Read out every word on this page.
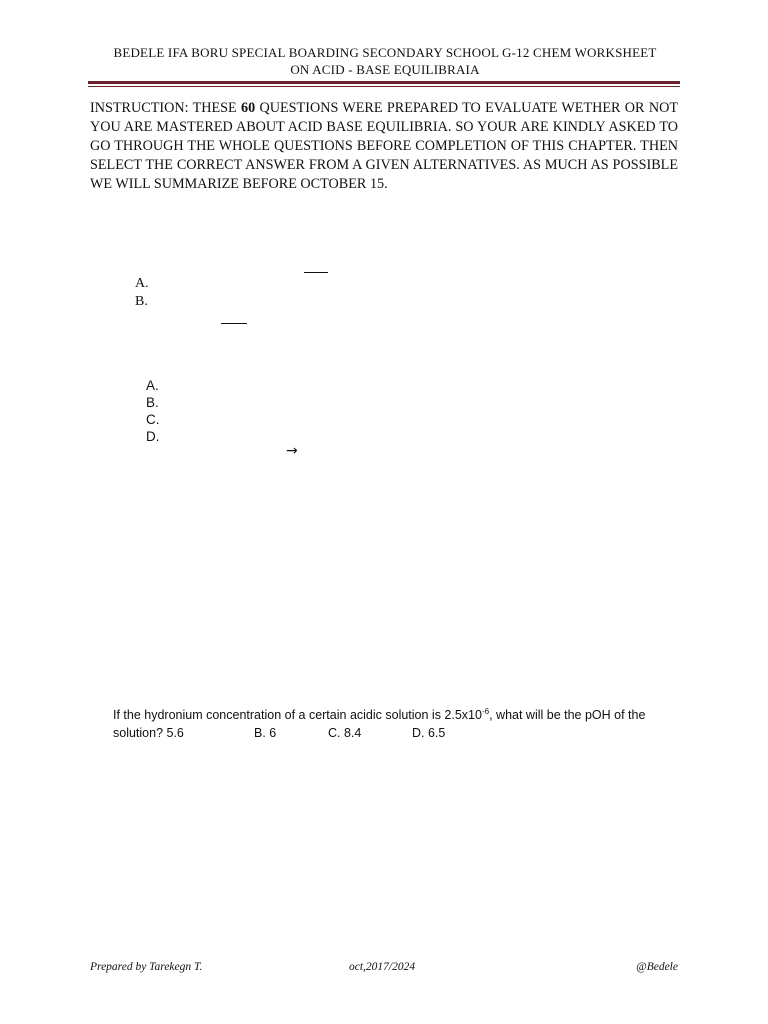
BEDELE IFA BORU SPECIAL BOARDING SECONDARY SCHOOL G-12 CHEM WORKSHEET
ON ACID - BASE EQUILIBRAIA
INSTRUCTION: THESE 60 QUESTIONS WERE PREPARED TO EVALUATE WETHER OR NOT YOU ARE MASTERED ABOUT ACID BASE EQUILIBRIA. SO YOUR ARE KINDLY ASKED TO GO THROUGH THE WHOLE QUESTIONS BEFORE COMPLETION OF THIS CHAPTER. THEN SELECT THE CORRECT ANSWER FROM A GIVEN ALTERNATIVES. AS MUCH AS POSSIBLE WE WILL SUMMARIZE BEFORE OCTOBER 15.
A.
B.
A.
B.
C.
D.
→
If the hydronium concentration of a certain acidic solution is $2.5x10^{-6}$, what will be the pOH of the
solution? 5.6	B. 6	C. 8.4	D. 6.5
Prepared by Tarekegn T.	oct,2017/2024	@Bedele
